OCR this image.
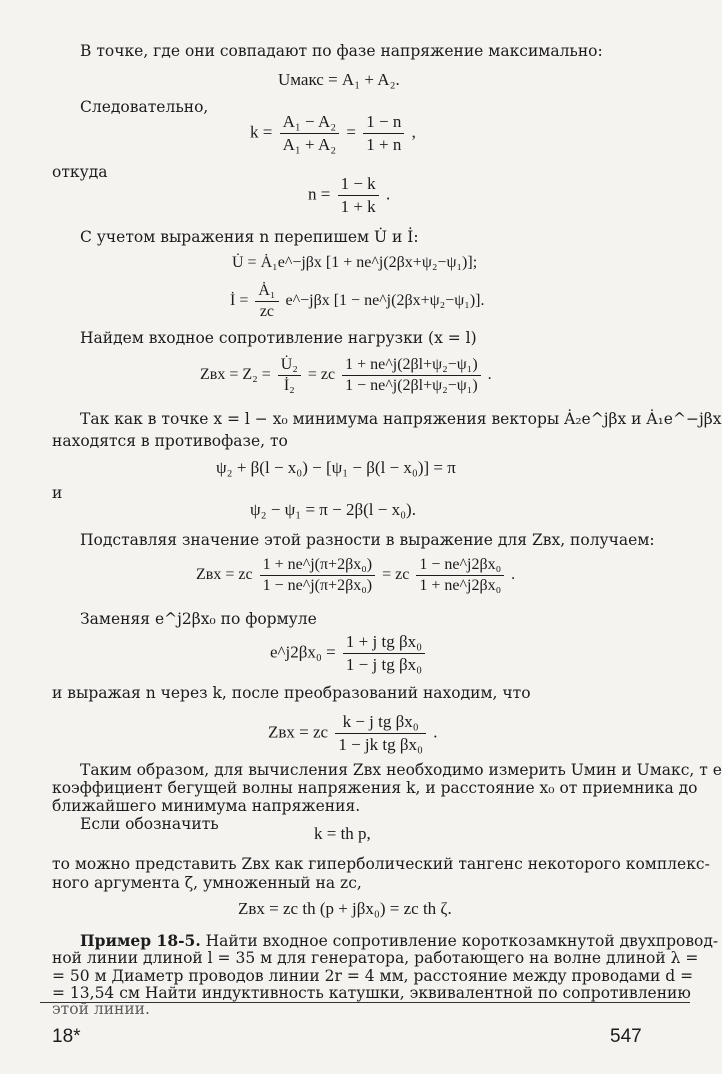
В точке, где они совпадают по фазе напряжение максимально:
Uмакс = A₁ + A₂.
Следовательно,
$k = \frac{\text{A₁ − A₂}}{\text{A₁ + A₂}} = \frac{1 - n}{1 + n}$ ,
откуда
$n = \frac{1 - k}{1 + k}$ .
С учетом выражения n перепишем U̇ и İ:
U̇ = Ȧ₁e^−jβx [1 + ne^j(2βx+ψ₂−ψ₁)];
İ = $\frac{\text{Ȧ₁}}{zc}$ e^−jβx [1 − ne^j(2βx+ψ₂−ψ₁)].
Найдем входное сопротивление нагрузки (x = l)
Zвх = $Z_2 = \frac{\text{U̇₂}}{\text{İ₂}}$ = zc $\frac{\text{1 + ne\textasciicircum{}j(2βl+ψ₂−ψ₁)}}{\text{1 − ne\textasciicircum{}j(2βl+ψ₂−ψ₁)}}$ .
Так как в точке x = l − x₀ минимума напряжения векторы Ȧ₂e^jβx и Ȧ₁e^−jβx
находятся в противофазе, то
ψ₂ + β(l − x₀) − [ψ₁ − β(l − x₀)] = π
и
ψ₂ − ψ₁ = π − 2β(l − x₀).
Подставляя значение этой разности в выражение для Zвх, получаем:
Zвх = zc $\frac{\text{1 + ne\textasciicircum{}j(π+2βx₀)}}{\text{1 − ne\textasciicircum{}j(π+2βx₀)}}$ = zc $\frac{\text{1 − ne\textasciicircum{}j2βx₀}}{\text{1 + ne\textasciicircum{}j2βx₀}}$ .
Заменяя e^j2βx₀ по формуле
e^j2βx₀ = $\frac{\text{1 + j tg βx₀}}{\text{1 − j tg βx₀}}$
и выражая n через k, после преобразований находим, что
Zвх = zc $\frac{\text{k − j tg βx₀}}{\text{1 − jk tg βx₀}}$ .
Таким образом, для вычисления Zвх необходимо измерить Uмин и Uмакс, т е
коэффициент бегущей волны напряжения k, и расстояние x₀ от приемника до
ближайшего минимума напряжения.
Если обозначить	k = th p,
то можно представить Zвх как гиперболический тангенс некоторого комплекс-
ного аргумента ζ, умноженный на zc,
Zвх = zc th (p + jβx₀) = zc th ζ.
Пример 18-5. Найти входное сопротивление короткозамкнутой двухпровод-
ной линии длиной l = 35 м для генератора, работающего на волне длиной λ =
= 50 м Диаметр проводов линии 2r = 4 мм, расстояние между проводами d =
= 13,54 см Найти индуктивность катушки, эквивалентной по сопротивлению
этой линии.
18*	547
